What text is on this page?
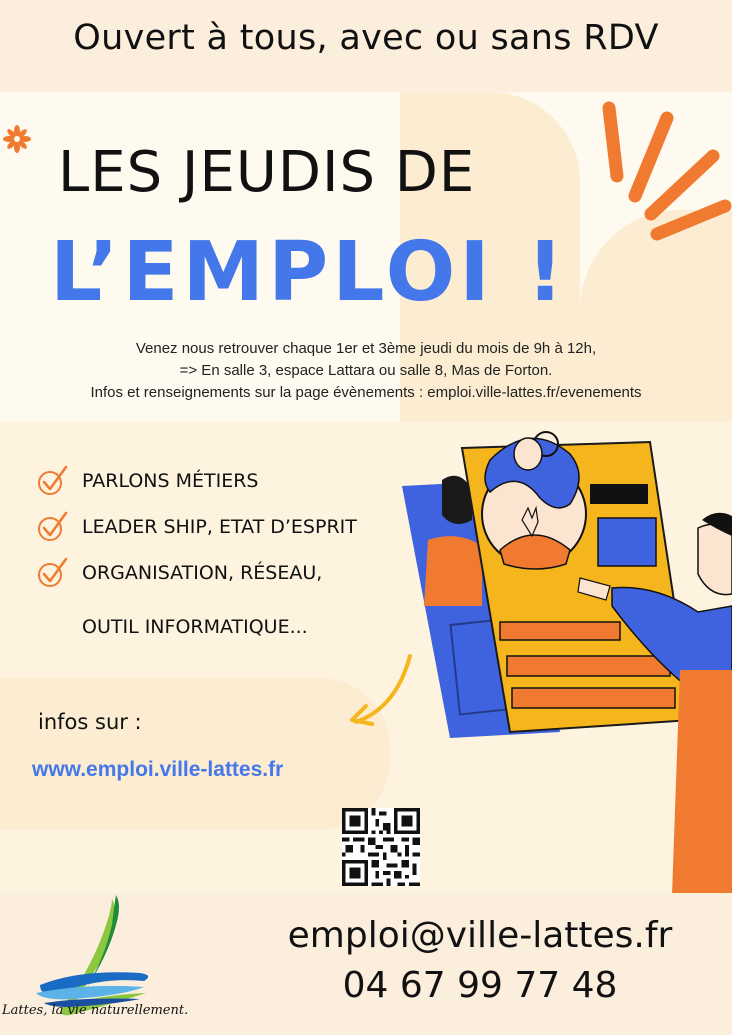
Ouvert à tous, avec ou sans RDV
LES JEUDIS DE
L’EMPLOI !
Venez nous retrouver chaque 1er et 3ème jeudi du mois de 9h à 12h,
=> En salle 3, espace Lattara ou salle 8, Mas de Forton.
Infos et renseignements sur la page évènements : emploi.ville-lattes.fr/evenements
PARLONS MÉTIERS
LEADER SHIP, ETAT D’ESPRIT
ORGANISATION, RÉSEAU,
OUTIL INFORMATIQUE...
infos sur :
www.emploi.ville-lattes.fr
Lattes, la vie naturellement.
emploi@ville-lattes.fr
04 67 99 77 48
